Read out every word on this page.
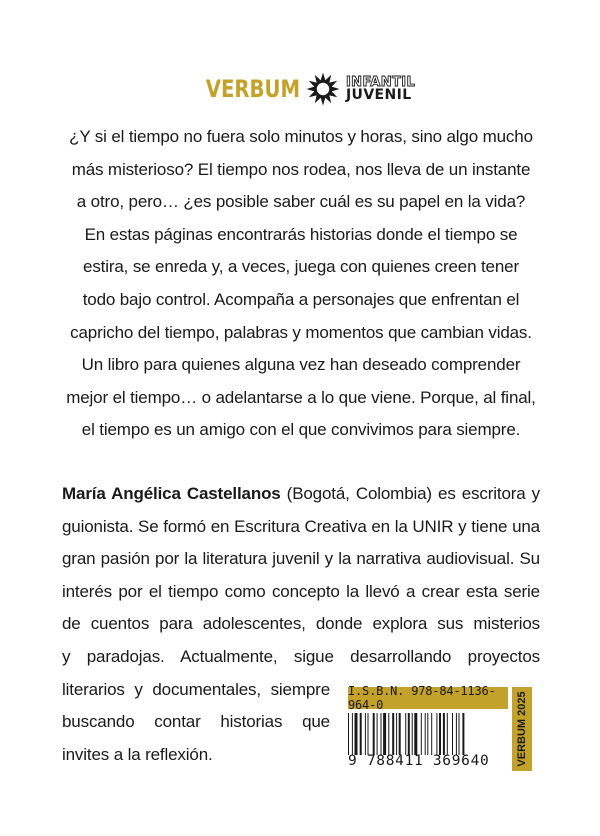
VERBUM	INFANTIL
JUVENIL
¿Y si el tiempo no fuera solo minutos y horas, sino algo mucho
más misterioso? El tiempo nos rodea, nos lleva de un instante
a otro, pero… ¿es posible saber cuál es su papel en la vida?
En estas páginas encontrarás historias donde el tiempo se
estira, se enreda y, a veces, juega con quienes creen tener
todo bajo control. Acompaña a personajes que enfrentan el
capricho del tiempo, palabras y momentos que cambian vidas.
Un libro para quienes alguna vez han deseado comprender
mejor el tiempo… o adelantarse a lo que viene. Porque, al final,
el tiempo es un amigo con el que convivimos para siempre.
María Angélica Castellanos (Bogotá, Colombia) es escritora y
guionista. Se formó en Escritura Creativa en la UNIR y tiene una
gran pasión por la literatura juvenil y la narrativa audiovisual. Su
interés por el tiempo como concepto la llevó a crear esta serie
de cuentos para adolescentes, donde explora sus misterios
y paradojas. Actualmente, sigue desarrollando proyectos
literarios y documentales, siempre
buscando contar historias que
invites a la reflexión.
I.S.B.N. 978-84-1136-964-0
9 788411 369640	VERBUM 2025
